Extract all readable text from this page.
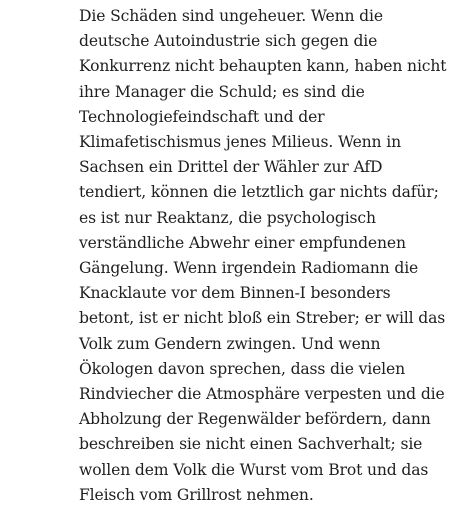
Die Schäden sind ungeheuer. Wenn die
deutsche Autoindustrie sich gegen die
Konkurrenz nicht behaupten kann, haben nicht
ihre Manager die Schuld; es sind die
Technologiefeindschaft und der
Klimafetischismus jenes Milieus. Wenn in
Sachsen ein Drittel der Wähler zur AfD
tendiert, können die letztlich gar nichts dafür;
es ist nur Reaktanz, die psychologisch
verständliche Abwehr einer empfundenen
Gängelung. Wenn irgendein Radiomann die
Knacklaute vor dem Binnen-I besonders
betont, ist er nicht bloß ein Streber; er will das
Volk zum Gendern zwingen. Und wenn
Ökologen davon sprechen, dass die vielen
Rindviecher die Atmosphäre verpesten und die
Abholzung der Regenwälder befördern, dann
beschreiben sie nicht einen Sachverhalt; sie
wollen dem Volk die Wurst vom Brot und das
Fleisch vom Grillrost nehmen.
